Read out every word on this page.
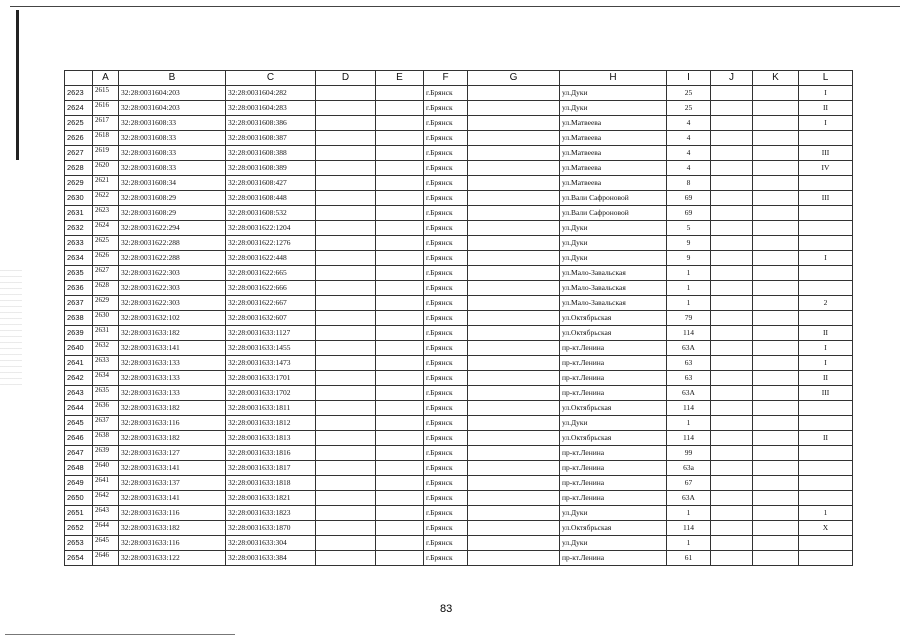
	A	B	C	D	E	F	G	H	I	J	K	L
2623	2615	32:28:0031604:203	32:28:0031604:282			г.Брянск		ул.Дуки	25			I
2624	2616	32:28:0031604:203	32:28:0031604:283			г.Брянск		ул.Дуки	25			II
2625	2617	32:28:0031608:33	32:28:0031608:386			г.Брянск		ул.Матвеева	4			I
2626	2618	32:28:0031608:33	32:28:0031608:387			г.Брянск		ул.Матвеева	4			
2627	2619	32:28:0031608:33	32:28:0031608:388			г.Брянск		ул.Матвеева	4			III
2628	2620	32:28:0031608:33	32:28:0031608:389			г.Брянск		ул.Матвеева	4			IV
2629	2621	32:28:0031608:34	32:28:0031608:427			г.Брянск		ул.Матвеева	8			
2630	2622	32:28:0031608:29	32:28:0031608:448			г.Брянск		ул.Вали Сафроновой	69			III
2631	2623	32:28:0031608:29	32:28:0031608:532			г.Брянск		ул.Вали Сафроновой	69			
2632	2624	32:28:0031622:294	32:28:0031622:1204			г.Брянск		ул.Дуки	5			
2633	2625	32:28:0031622:288	32:28:0031622:1276			г.Брянск		ул.Дуки	9			
2634	2626	32:28:0031622:288	32:28:0031622:448			г.Брянск		ул.Дуки	9			I
2635	2627	32:28:0031622:303	32:28:0031622:665			г.Брянск		ул.Мало-Завальская	1			
2636	2628	32:28:0031622:303	32:28:0031622:666			г.Брянск		ул.Мало-Завальская	1			
2637	2629	32:28:0031622:303	32:28:0031622:667			г.Брянск		ул.Мало-Завальская	1			2
2638	2630	32:28:0031632:102	32:28:0031632:607			г.Брянск		ул.Октябрьская	79			
2639	2631	32:28:0031633:182	32:28:0031633:1127			г.Брянск		ул.Октябрьская	114			II
2640	2632	32:28:0031633:141	32:28:0031633:1455			г.Брянск		пр-кт.Ленина	63А			I
2641	2633	32:28:0031633:133	32:28:0031633:1473			г.Брянск		пр-кт.Ленина	63			I
2642	2634	32:28:0031633:133	32:28:0031633:1701			г.Брянск		пр-кт.Ленина	63			II
2643	2635	32:28:0031633:133	32:28:0031633:1702			г.Брянск		пр-кт.Ленина	63А			III
2644	2636	32:28:0031633:182	32:28:0031633:1811			г.Брянск		ул.Октябрьская	114			
2645	2637	32:28:0031633:116	32:28:0031633:1812			г.Брянск		ул.Дуки	1			
2646	2638	32:28:0031633:182	32:28:0031633:1813			г.Брянск		ул.Октябрьская	114			II
2647	2639	32:28:0031633:127	32:28:0031633:1816			г.Брянск		пр-кт.Ленина	99			
2648	2640	32:28:0031633:141	32:28:0031633:1817			г.Брянск		пр-кт.Ленина	63а			
2649	2641	32:28:0031633:137	32:28:0031633:1818			г.Брянск		пр-кт.Ленина	67			
2650	2642	32:28:0031633:141	32:28:0031633:1821			г.Брянск		пр-кт.Ленина	63А			
2651	2643	32:28:0031633:116	32:28:0031633:1823			г.Брянск		ул.Дуки	1			1
2652	2644	32:28:0031633:182	32:28:0031633:1870			г.Брянск		ул.Октябрьская	114			X
2653	2645	32:28:0031633:116	32:28:0031633:304			г.Брянск		ул.Дуки	1			
2654	2646	32:28:0031633:122	32:28:0031633:384			г.Брянск		пр-кт.Ленина	61			
83
